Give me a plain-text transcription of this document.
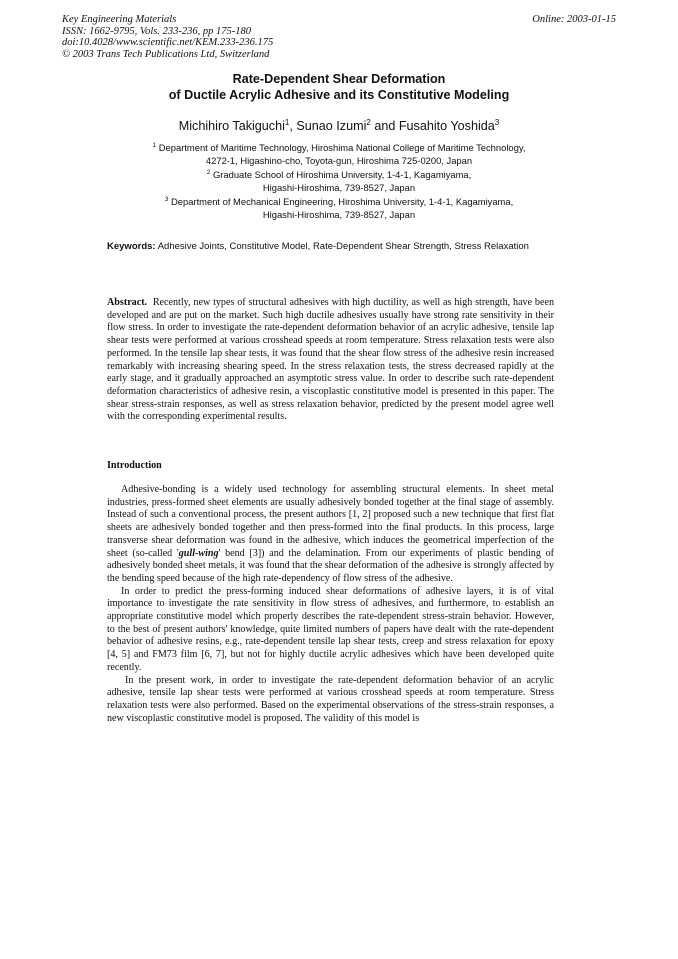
Key Engineering Materials
ISSN: 1662-9795, Vols. 233-236, pp 175-180
doi:10.4028/www.scientific.net/KEM.233-236.175
© 2003 Trans Tech Publications Ltd, Switzerland
Online: 2003-01-15
Rate-Dependent Shear Deformation
of Ductile Acrylic Adhesive and its Constitutive Modeling
Michihiro Takiguchi$^1$, Sunao Izumi$^2$ and Fusahito Yoshida$^3$
$^1$ Department of Maritime Technology, Hiroshima National College of Maritime Technology,
4272-1, Higashino-cho, Toyota-gun, Hiroshima 725-0200, Japan
$^2$ Graduate School of Hiroshima University, 1-4-1, Kagamiyama,
Higashi-Hiroshima, 739-8527, Japan
$^3$ Department of Mechanical Engineering, Hiroshima University, 1-4-1, Kagamiyama,
Higashi-Hiroshima, 739-8527, Japan
Keywords: Adhesive Joints, Constitutive Model, Rate-Dependent Shear Strength, Stress Relaxation
Abstract. Recently, new types of structural adhesives with high ductility, as well as high strength, have been developed and are put on the market. Such high ductile adhesives usually have strong rate sensitivity in their flow stress. In order to investigate the rate-dependent deformation behavior of an acrylic adhesive, tensile lap shear tests were performed at various crosshead speeds at room temperature. Stress relaxation tests were also performed. In the tensile lap shear tests, it was found that the shear flow stress of the adhesive resin increased remarkably with increasing shearing speed. In the stress relaxation tests, the stress decreased rapidly at the early stage, and it gradually approached an asymptotic stress value. In order to describe such rate-dependent deformation characteristics of adhesive resin, a viscoplastic constitutive model is presented in this paper. The shear stress-strain responses, as well as stress relaxation behavior, predicted by the present model agree well with the corresponding experimental results.
Introduction

Adhesive-bonding is a widely used technology for assembling structural elements. In sheet metal industries, press-formed sheet elements are usually adhesively bonded together at the final stage of assembly. Instead of such a conventional process, the present authors [1, 2] proposed such a new technique that first flat sheets are adhesively bonded together and then press-formed into the final products. In this process, large transverse shear deformation was found in the adhesive, which induces the geometrical imperfection of the sheet (so-called 'gull-wing' bend [3]) and the delamination. From our experiments of plastic bending of adhesively bonded sheet metals, it was found that the shear deformation of the adhesive is strongly affected by the bending speed because of the high rate-dependency of flow stress of the adhesive.

In order to predict the press-forming induced shear deformations of adhesive layers, it is of vital importance to investigate the rate sensitivity in flow stress of adhesives, and furthermore, to establish an appropriate constitutive model which properly describes the rate-dependent stress-strain behavior. However, to the best of present authors' knowledge, quite limited numbers of papers have dealt with the rate-dependent behavior of adhesive resins, e.g., rate-dependent tensile lap shear tests, creep and stress relaxation for epoxy [4, 5] and FM73 film [6, 7], but not for highly ductile acrylic adhesives which have been developed quite recently.

In the present work, in order to investigate the rate-dependent deformation behavior of an acrylic adhesive, tensile lap shear tests were performed at various crosshead speeds at room temperature. Stress relaxation tests were also performed. Based on the experimental observations of the stress-strain responses, a new viscoplastic constitutive model is proposed. The validity of this model is
